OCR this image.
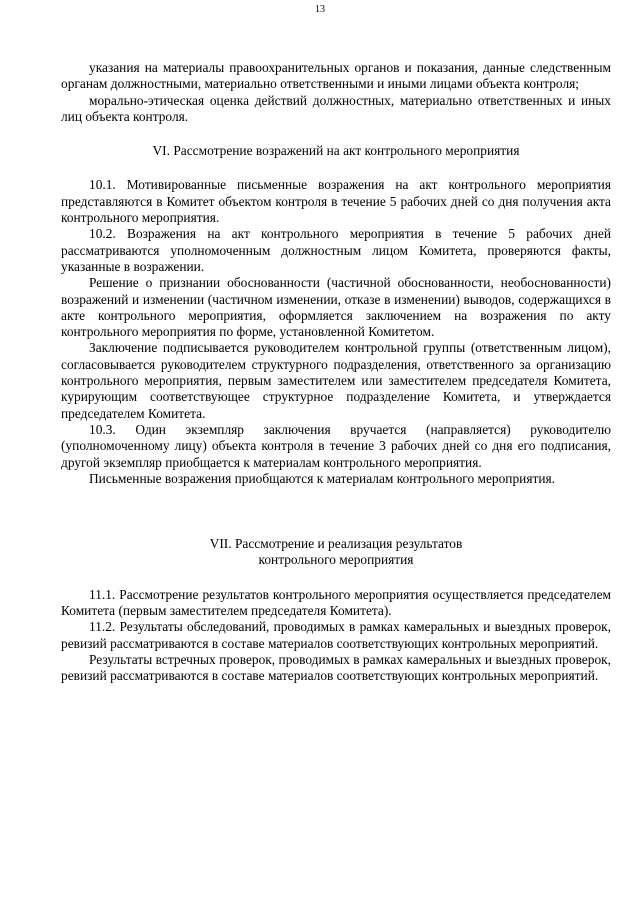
13

указания на материалы правоохранительных органов и показания, данные следственным органам должностными, материально ответственными и иными лицами объекта контроля;

морально-этическая оценка действий должностных, материально ответственных и иных лиц объекта контроля.

VI. Рассмотрение возражений на акт контрольного мероприятия

10.1. Мотивированные письменные возражения на акт контрольного мероприятия представляются в Комитет объектом контроля в течение 5 рабочих дней со дня получения акта контрольного мероприятия.

10.2. Возражения на акт контрольного мероприятия в течение 5 рабочих дней рассматриваются уполномоченным должностным лицом Комитета, проверяются факты, указанные в возражении.

Решение о признании обоснованности (частичной обоснованности, необоснованности) возражений и изменении (частичном изменении, отказе в изменении) выводов, содержащихся в акте контрольного мероприятия, оформляется заключением на возражения по акту контрольного мероприятия по форме, установленной Комитетом.

Заключение подписывается руководителем контрольной группы (ответственным лицом), согласовывается руководителем структурного подразделения, ответственного за организацию контрольного мероприятия, первым заместителем или заместителем председателя Комитета, курирующим соответствующее структурное подразделение Комитета, и утверждается председателем Комитета.

10.3. Один экземпляр заключения вручается (направляется) руководителю (уполномоченному лицу) объекта контроля в течение 3 рабочих дней со дня его подписания, другой экземпляр приобщается к материалам контрольного мероприятия.

Письменные возражения приобщаются к материалам контрольного мероприятия.

VII. Рассмотрение и реализация результатов
контрольного мероприятия

11.1. Рассмотрение результатов контрольного мероприятия осуществляется председателем Комитета (первым заместителем председателя Комитета).

11.2. Результаты обследований, проводимых в рамках камеральных и выездных проверок, ревизий рассматриваются в составе материалов соответствующих контрольных мероприятий.

Результаты встречных проверок, проводимых в рамках камеральных и выездных проверок, ревизий рассматриваются в составе материалов соответствующих контрольных мероприятий.
